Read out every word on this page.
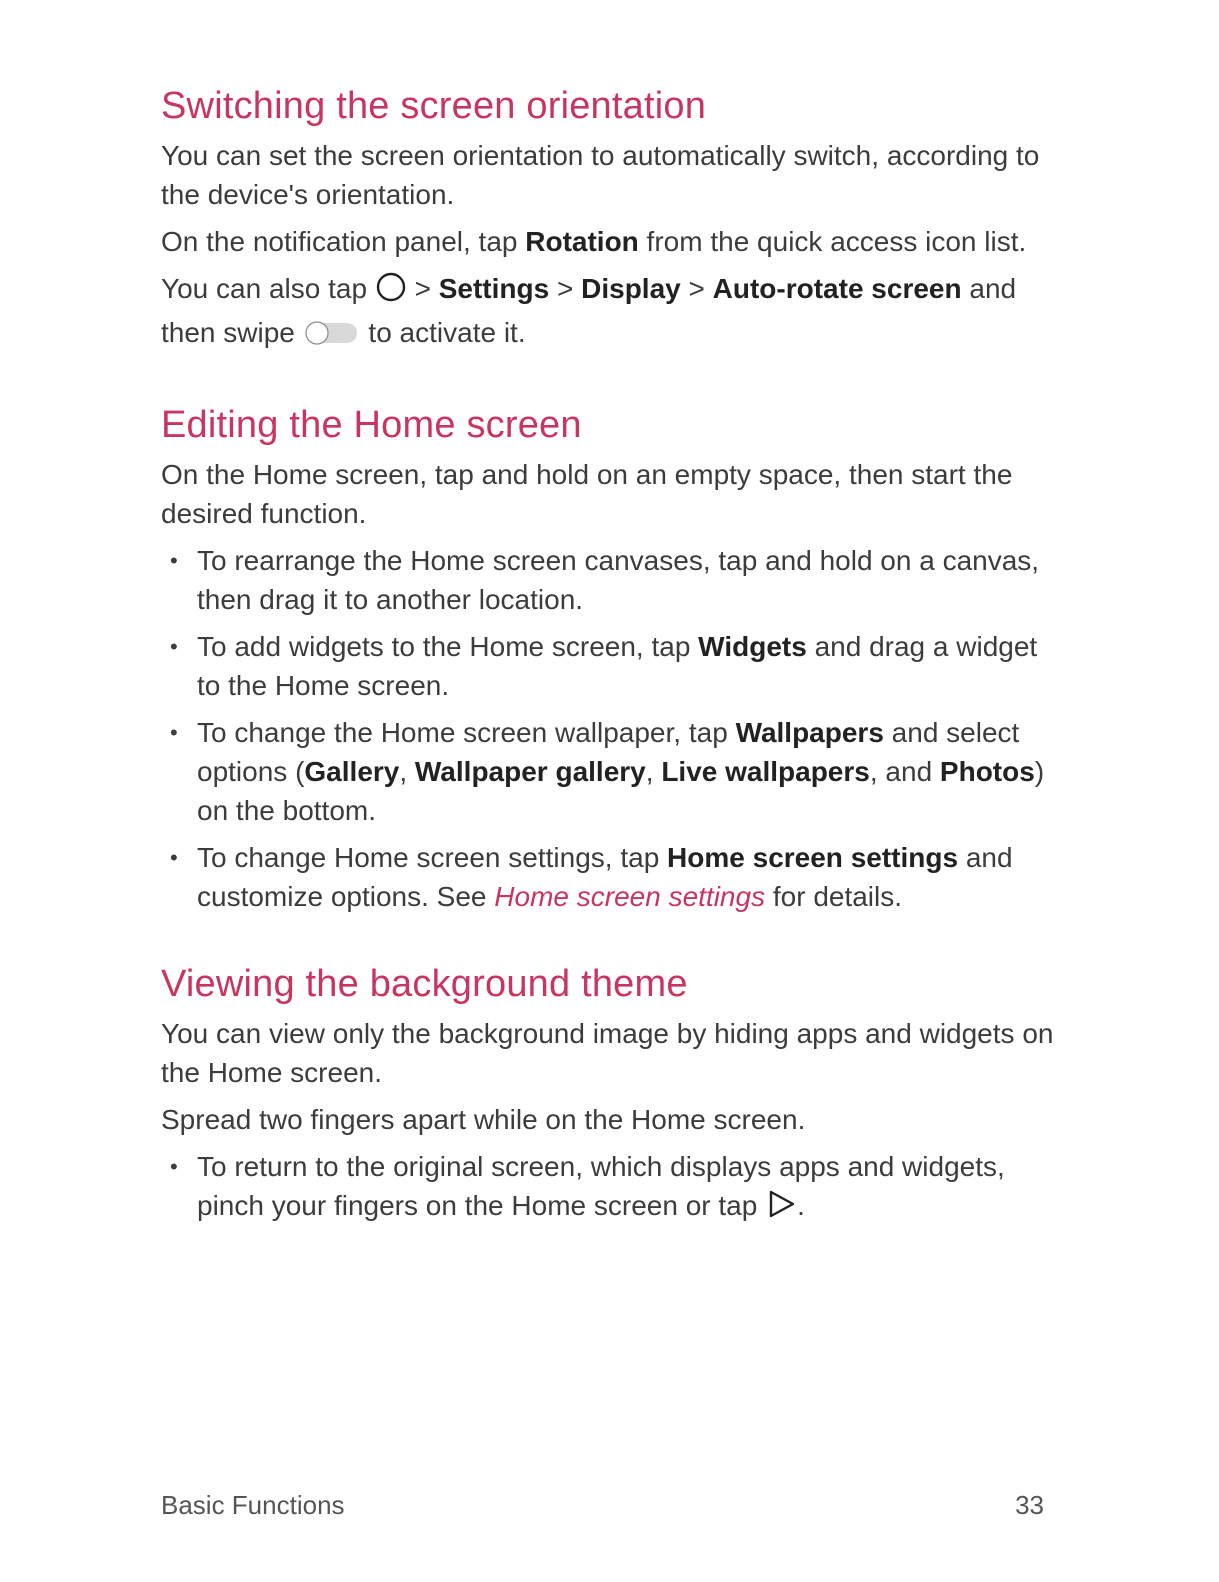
Switching the screen orientation

You can set the screen orientation to automatically switch, according to the device's orientation.

On the notification panel, tap Rotation from the quick access icon list.

You can also tap  > Settings > Display > Auto-rotate screen and then swipe  to activate it.

Editing the Home screen

On the Home screen, tap and hold on an empty space, then start the desired function.

• To rearrange the Home screen canvases, tap and hold on a canvas, then drag it to another location.
• To add widgets to the Home screen, tap Widgets and drag a widget to the Home screen.
• To change the Home screen wallpaper, tap Wallpapers and select options (Gallery, Wallpaper gallery, Live wallpapers, and Photos) on the bottom.
• To change Home screen settings, tap Home screen settings and customize options. See Home screen settings for details.
Viewing the background theme

You can view only the background image by hiding apps and widgets on the Home screen.

Spread two fingers apart while on the Home screen.

• To return to the original screen, which displays apps and widgets, pinch your fingers on the Home screen or tap .
Basic Functions	33
